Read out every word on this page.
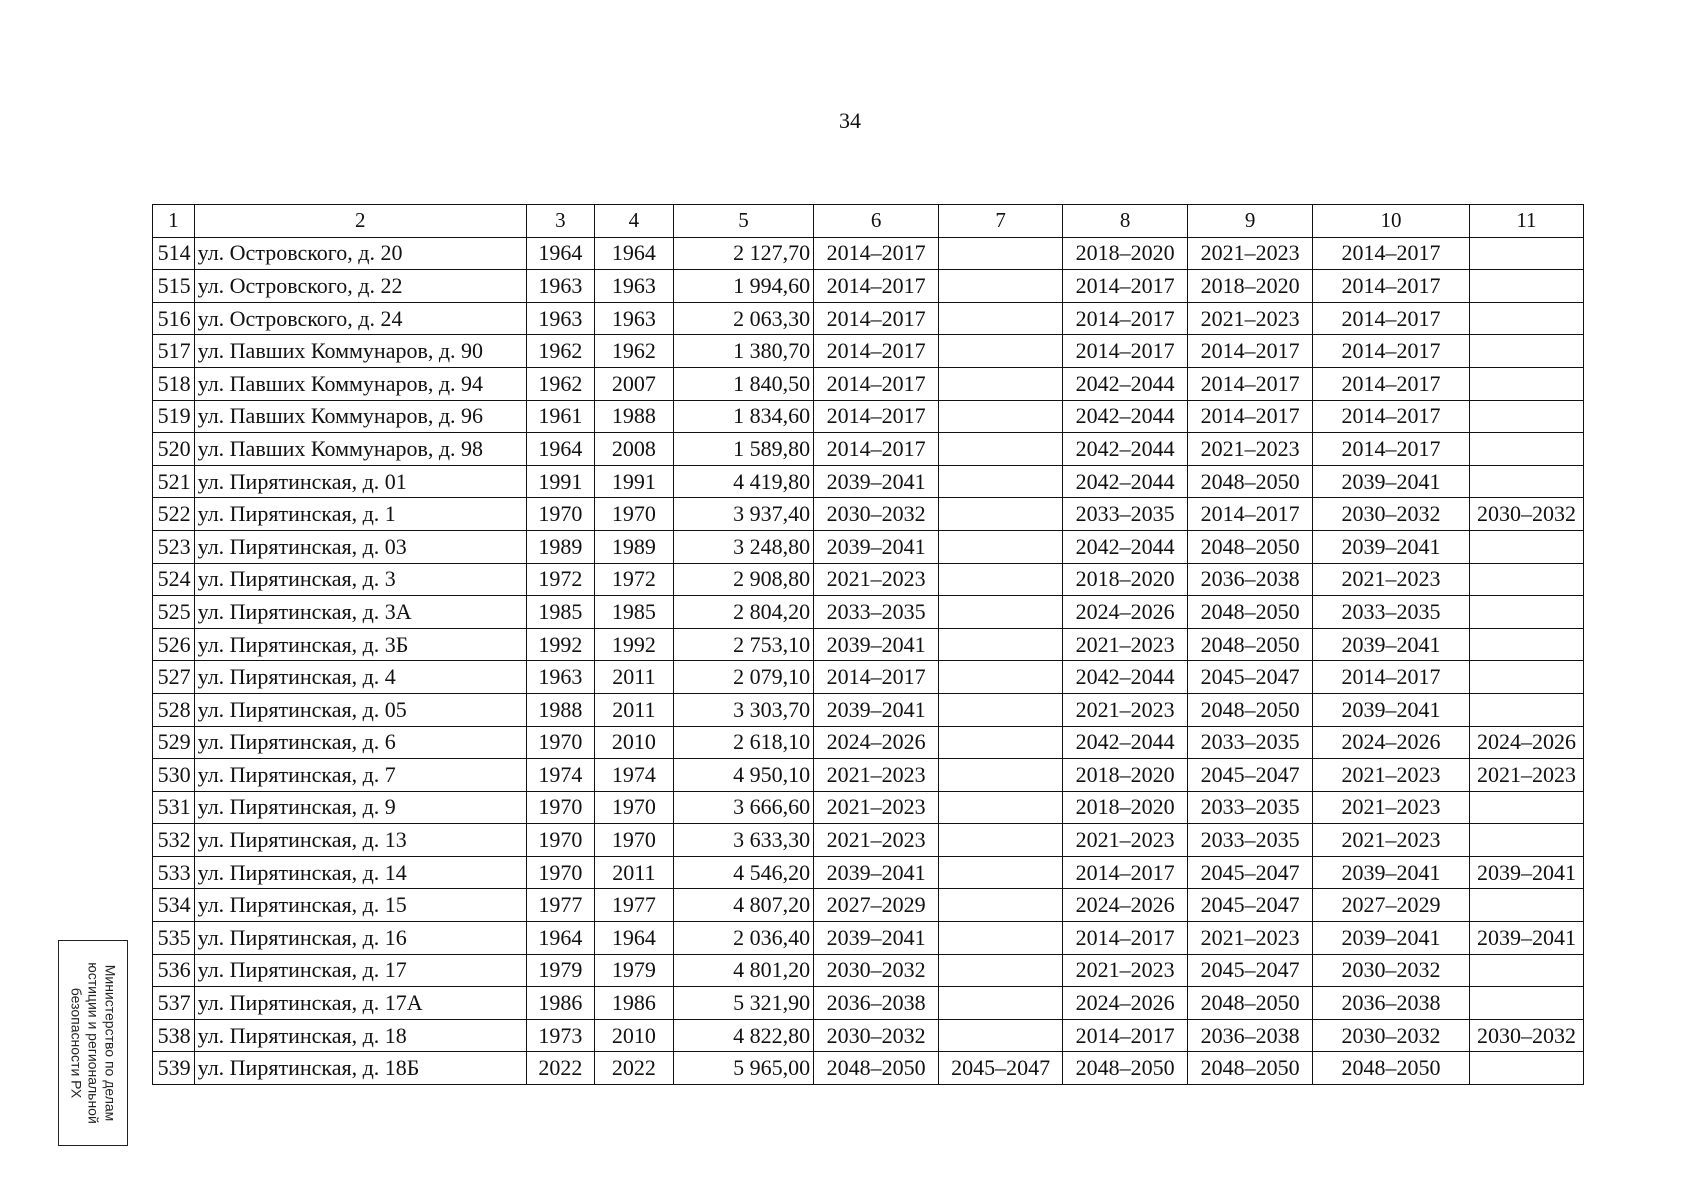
34
1	2	3	4	5	6	7	8	9	10	11
514	ул. Островского, д. 20	1964	1964	2 127,70	2014–2017		2018–2020	2021–2023	2014–2017	
515	ул. Островского, д. 22	1963	1963	1 994,60	2014–2017		2014–2017	2018–2020	2014–2017	
516	ул. Островского, д. 24	1963	1963	2 063,30	2014–2017		2014–2017	2021–2023	2014–2017	
517	ул. Павших Коммунаров, д. 90	1962	1962	1 380,70	2014–2017		2014–2017	2014–2017	2014–2017	
518	ул. Павших Коммунаров, д. 94	1962	2007	1 840,50	2014–2017		2042–2044	2014–2017	2014–2017	
519	ул. Павших Коммунаров, д. 96	1961	1988	1 834,60	2014–2017		2042–2044	2014–2017	2014–2017	
520	ул. Павших Коммунаров, д. 98	1964	2008	1 589,80	2014–2017		2042–2044	2021–2023	2014–2017	
521	ул. Пирятинская, д. 01	1991	1991	4 419,80	2039–2041		2042–2044	2048–2050	2039–2041	
522	ул. Пирятинская, д. 1	1970	1970	3 937,40	2030–2032		2033–2035	2014–2017	2030–2032	2030–2032
523	ул. Пирятинская, д. 03	1989	1989	3 248,80	2039–2041		2042–2044	2048–2050	2039–2041	
524	ул. Пирятинская, д. 3	1972	1972	2 908,80	2021–2023		2018–2020	2036–2038	2021–2023	
525	ул. Пирятинская, д. 3А	1985	1985	2 804,20	2033–2035		2024–2026	2048–2050	2033–2035	
526	ул. Пирятинская, д. 3Б	1992	1992	2 753,10	2039–2041		2021–2023	2048–2050	2039–2041	
527	ул. Пирятинская, д. 4	1963	2011	2 079,10	2014–2017		2042–2044	2045–2047	2014–2017	
528	ул. Пирятинская, д. 05	1988	2011	3 303,70	2039–2041		2021–2023	2048–2050	2039–2041	
529	ул. Пирятинская, д. 6	1970	2010	2 618,10	2024–2026		2042–2044	2033–2035	2024–2026	2024–2026
530	ул. Пирятинская, д. 7	1974	1974	4 950,10	2021–2023		2018–2020	2045–2047	2021–2023	2021–2023
531	ул. Пирятинская, д. 9	1970	1970	3 666,60	2021–2023		2018–2020	2033–2035	2021–2023	
532	ул. Пирятинская, д. 13	1970	1970	3 633,30	2021–2023		2021–2023	2033–2035	2021–2023	
533	ул. Пирятинская, д. 14	1970	2011	4 546,20	2039–2041		2014–2017	2045–2047	2039–2041	2039–2041
534	ул. Пирятинская, д. 15	1977	1977	4 807,20	2027–2029		2024–2026	2045–2047	2027–2029	
535	ул. Пирятинская, д. 16	1964	1964	2 036,40	2039–2041		2014–2017	2021–2023	2039–2041	2039–2041
536	ул. Пирятинская, д. 17	1979	1979	4 801,20	2030–2032		2021–2023	2045–2047	2030–2032	
537	ул. Пирятинская, д. 17А	1986	1986	5 321,90	2036–2038		2024–2026	2048–2050	2036–2038	
538	ул. Пирятинская, д. 18	1973	2010	4 822,80	2030–2032		2014–2017	2036–2038	2030–2032	2030–2032
539	ул. Пирятинская, д. 18Б	2022	2022	5 965,00	2048–2050	2045–2047	2048–2050	2048–2050	2048–2050	
Министерство по делам
юстиции и региональной
безопасности РХ
